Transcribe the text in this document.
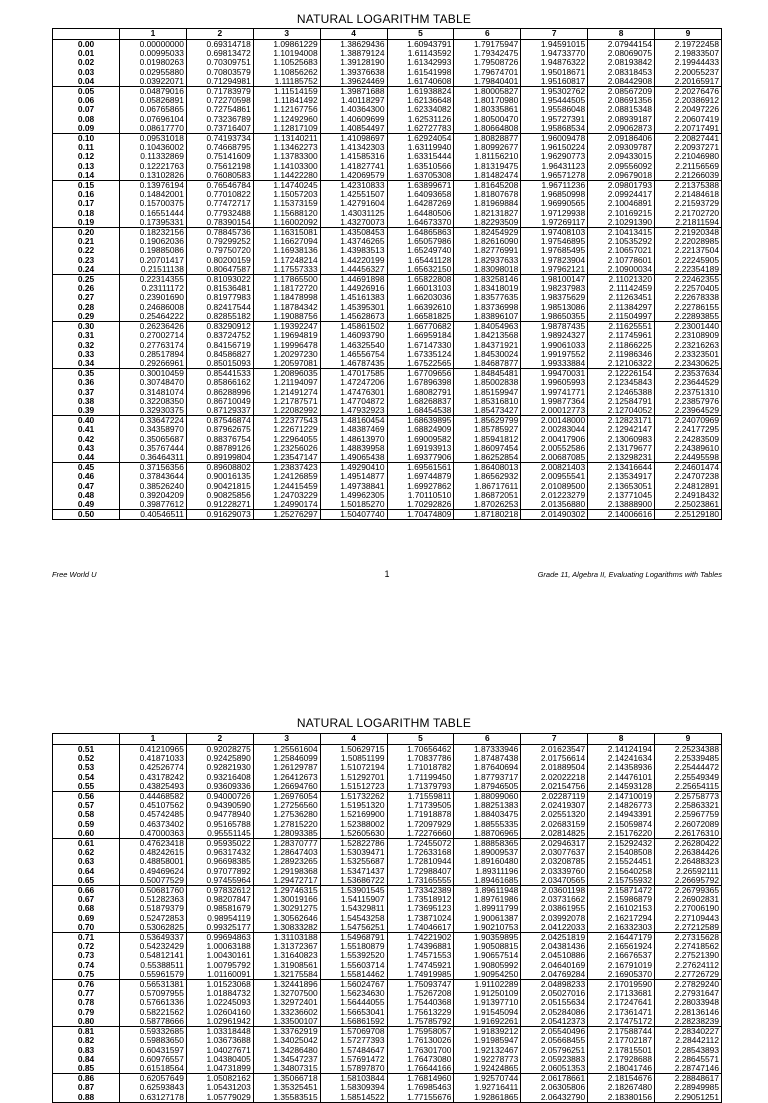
NATURAL LOGARITHM TABLE
	1	2	3	4	5	6	7	8	9
0.00	0.00000000	0.69314718	1.09861229	1.38629436	1.60943791	1.79175947	1.94591015	2.07944154	2.19722458
0.01	0.00995033	0.69813472	1.10194008	1.38879124	1.61143592	1.79342475	1.94733770	2.08069075	2.19833507
0.02	0.01980263	0.70309751	1.10525683	1.39128190	1.61342993	1.79508726	1.94876322	2.08193842	2.19944433
0.03	0.02955880	0.70803579	1.10856262	1.39376638	1.61541998	1.79674701	1.95018671	2.08318453	2.20055237
0.04	0.03922071	0.71294981	1.11185752	1.39624469	1.61740608	1.79840401	1.95160817	2.08442908	2.20165917
0.05	0.04879016	0.71783979	1.11514159	1.39871688	1.61938824	1.80005827	1.95302762	2.08567209	2.20276476
0.06	0.05826891	0.72270598	1.11841492	1.40118297	1.62136648	1.80170980	1.95444505	2.08691356	2.20386912
0.07	0.06765865	0.72754861	1.12167756	1.40364300	1.62334082	1.80335861	1.95586048	2.08815348	2.20497226
0.08	0.07696104	0.73236789	1.12492960	1.40609699	1.62531126	1.80500470	1.95727391	2.08939187	2.20607419
0.09	0.08617770	0.73716407	1.12817109	1.40854497	1.62727783	1.80664808	1.95868534	2.09062873	2.20717491
0.10	0.09531018	0.74193734	1.13140211	1.41098697	1.62924054	1.80828877	1.96009478	2.09186406	2.20827441
0.11	0.10436002	0.74668795	1.13462273	1.41342303	1.63119940	1.80992677	1.96150224	2.09309787	2.20937271
0.12	0.11332869	0.75141609	1.13783300	1.41585316	1.63315444	1.81156210	1.96290773	2.09433015	2.21046980
0.13	0.12221763	0.75612198	1.14103300	1.41827741	1.63510566	1.81319475	1.96431123	2.09556092	2.21156569
0.14	0.13102826	0.76080583	1.14422280	1.42069579	1.63705308	1.81482474	1.96571278	2.09679018	2.21266039
0.15	0.13976194	0.76546784	1.14740245	1.42310833	1.63899671	1.81645208	1.96711236	2.09801793	2.21375388
0.16	0.14842001	0.77010822	1.15057203	1.42551507	1.64093658	1.81807678	1.96850998	2.09924417	2.21484618
0.17	0.15700375	0.77472717	1.15373159	1.42791604	1.64287269	1.81969884	1.96990565	2.10046891	2.21593729
0.18	0.16551444	0.77932488	1.15688120	1.43031125	1.64480506	1.82131827	1.97129938	2.10169215	2.21702720
0.19	0.17395331	0.78390154	1.16002092	1.43270073	1.64673370	1.82293509	1.97269117	2.10291390	2.21811594
0.20	0.18232156	0.78845736	1.16315081	1.43508453	1.64865863	1.82454929	1.97408103	2.10413415	2.21920348
0.21	0.19062036	0.79299252	1.16627094	1.43746265	1.65057986	1.82616090	1.97546895	2.10535292	2.22028985
0.22	0.19885086	0.79750720	1.16938136	1.43983513	1.65249740	1.82776991	1.97685495	2.10657021	2.22137504
0.23	0.20701417	0.80200159	1.17248214	1.44220199	1.65441128	1.82937633	1.97823904	2.10778601	2.22245905
0.24	0.21511138	0.80647587	1.17557333	1.44456327	1.65632150	1.83098018	1.97962121	2.10900034	2.22354189
0.25	0.22314355	0.81093022	1.17865500	1.44691898	1.65822808	1.83258146	1.98100147	2.11021320	2.22462355
0.26	0.23111172	0.81536481	1.18172720	1.44926916	1.66013103	1.83418019	1.98237983	2.11142459	2.22570405
0.27	0.23901690	0.81977983	1.18478998	1.45161383	1.66203036	1.83577635	1.98375629	2.11263451	2.22678338
0.28	0.24686008	0.82417544	1.18784342	1.45395301	1.66392610	1.83736998	1.98513086	2.11384297	2.22786155
0.29	0.25464222	0.82855182	1.19088756	1.45628673	1.66581825	1.83896107	1.98650355	2.11504997	2.22893855
0.30	0.26236426	0.83290912	1.19392247	1.45861502	1.66770682	1.84054963	1.98787435	2.11625551	2.23001440
0.31	0.27002714	0.83724752	1.19694819	1.46093790	1.66959184	1.84213568	1.98924327	2.11745961	2.23108909
0.32	0.27763174	0.84156719	1.19996478	1.46325540	1.67147330	1.84371921	1.99061033	2.11866225	2.23216263
0.33	0.28517894	0.84586827	1.20297230	1.46556754	1.67335124	1.84530024	1.99197552	2.11986346	2.23323501
0.34	0.29266961	0.85015093	1.20597081	1.46787435	1.67522565	1.84687877	1.99333884	2.12106322	2.23430625
0.35	0.30010459	0.85441533	1.20896035	1.47017585	1.67709656	1.84845481	1.99470031	2.12226154	2.23537634
0.36	0.30748470	0.85866162	1.21194097	1.47247206	1.67896398	1.85002838	1.99605993	2.12345843	2.23644529
0.37	0.31481074	0.86288996	1.21491274	1.47476301	1.68082791	1.85159947	1.99741771	2.12465388	2.23751310
0.38	0.32208350	0.86710049	1.21787571	1.47704872	1.68268837	1.85316810	1.99877364	2.12584791	2.23857976
0.39	0.32930375	0.87129337	1.22082992	1.47932923	1.68454538	1.85473427	2.00012773	2.12704052	2.23964529
0.40	0.33647224	0.87546874	1.22377543	1.48160454	1.68639895	1.85629799	2.00148000	2.12823171	2.24070969
0.41	0.34358970	0.87962675	1.22671229	1.48387469	1.68824909	1.85785927	2.00283044	2.12942147	2.24177295
0.42	0.35065687	0.88376754	1.22964055	1.48613970	1.69009582	1.85941812	2.00417906	2.13060983	2.24283509
0.43	0.35767444	0.88789126	1.23256026	1.48839958	1.69193913	1.86097454	2.00552586	2.13179677	2.24389610
0.44	0.36464311	0.89199804	1.23547147	1.49065438	1.69377906	1.86252854	2.00687085	2.13298231	2.24495598
0.45	0.37156356	0.89608802	1.23837423	1.49290410	1.69561561	1.86408013	2.00821403	2.13416644	2.24601474
0.46	0.37843644	0.90016135	1.24126859	1.49514877	1.69744879	1.86562932	2.00955541	2.13534917	2.24707238
0.47	0.38526240	0.90421815	1.24415459	1.49738841	1.69927862	1.86717611	2.01089500	2.13653051	2.24812891
0.48	0.39204209	0.90825856	1.24703229	1.49962305	1.70110510	1.86872051	2.01223279	2.13771045	2.24918432
0.49	0.39877612	0.91228271	1.24990174	1.50185270	1.70292826	1.87026253	2.01356880	2.13888900	2.25023861
0.50	0.40546511	0.91629073	1.25276297	1.50407740	1.70474809	1.87180218	2.01490302	2.14006616	2.25129180
Free World U	1	Grade 11, Algebra II, Evaluating Logarithms with Tables
NATURAL LOGARITHM TABLE
	1	2	3	4	5	6	7	8	9
0.51	0.41210965	0.92028275	1.25561604	1.50629715	1.70656462	1.87333946	2.01623547	2.14124194	2.25234388
0.52	0.41871033	0.92425890	1.25846099	1.50851199	1.70837786	1.87487438	2.01756614	2.14241634	2.25339485
0.53	0.42526774	0.92821930	1.26129787	1.51072194	1.71018782	1.87640694	2.01889504	2.14358936	2.25444472
0.54	0.43178242	0.93216408	1.26412673	1.51292701	1.71199450	1.87793717	2.02022218	2.14476101	2.25549349
0.55	0.43825493	0.93609336	1.26694760	1.51512723	1.71379793	1.87946505	2.02154756	2.14593128	2.25654115
0.56	0.44468582	0.94000726	1.26976054	1.51732262	1.71559811	1.88099060	2.02287119	2.14710019	2.25758773
0.57	0.45107562	0.94390590	1.27256560	1.51951320	1.71739505	1.88251383	2.02419307	2.14826773	2.25863321
0.58	0.45742485	0.94778940	1.27536280	1.52169900	1.71918878	1.88403475	2.02551320	2.14943391	2.25967759
0.59	0.46373402	0.95165788	1.27815220	1.52388002	1.72097929	1.88555335	2.02683159	2.15059874	2.26072089
0.60	0.47000363	0.95551145	1.28093385	1.52605630	1.72276660	1.88706965	2.02814825	2.15176220	2.26176310
0.61	0.47623418	0.95935022	1.28370777	1.52822786	1.72455072	1.88858365	2.02946317	2.15292432	2.26280422
0.62	0.48242615	0.96317432	1.28647403	1.53039471	1.72633168	1.89009537	2.03077637	2.15408508	2.26384426
0.63	0.48858001	0.96698385	1.28923265	1.53255687	1.72810944	1.89160480	2.03208785	2.15524451	2.26488323
0.64	0.49469624	0.97077892	1.29198368	1.53471437	1.72988407	1.89311196	2.03339760	2.15640258	2.26592111
0.65	0.50077529	0.97455964	1.29472717	1.53686722	1.73165555	1.89461685	2.03470565	2.15755932	2.26695792
0.66	0.50681760	0.97832612	1.29746315	1.53901545	1.73342389	1.89611948	2.03601198	2.15871472	2.26799365
0.67	0.51282363	0.98207847	1.30019166	1.54115907	1.73518912	1.89761986	2.03731662	2.15986879	2.26902831
0.68	0.51879379	0.98581679	1.30291275	1.54329811	1.73695123	1.89911799	2.03861955	2.16102153	2.27006190
0.69	0.52472853	0.98954119	1.30562646	1.54543258	1.73871024	1.90061387	2.03992078	2.16217294	2.27109443
0.70	0.53062825	0.99325177	1.30833282	1.54756251	1.74046617	1.90210753	2.04122033	2.16332303	2.27212589
0.71	0.53649337	0.99694863	1.31103188	1.54968791	1.74221902	1.90359895	2.04251819	2.16447179	2.27315628
0.72	0.54232429	1.00063188	1.31372367	1.55180879	1.74396881	1.90508815	2.04381436	2.16561924	2.27418562
0.73	0.54812141	1.00430161	1.31640823	1.55392520	1.74571553	1.90657514	2.04510886	2.16676537	2.27521390
0.74	0.55388511	1.00795792	1.31908561	1.55603714	1.74745921	1.90805992	2.04640169	2.16791019	2.27624112
0.75	0.55961579	1.01160091	1.32175584	1.55814462	1.74919985	1.90954250	2.04769284	2.16905370	2.27726729
0.76	0.56531381	1.01523068	1.32441896	1.56024767	1.75093747	1.91102289	2.04898233	2.17019590	2.27829240
0.77	0.57097955	1.01884732	1.32707500	1.56234630	1.75267208	1.91250109	2.05027016	2.17133681	2.27931647
0.78	0.57661336	1.02245093	1.32972401	1.56444055	1.75440368	1.91397710	2.05155634	2.17247641	2.28033948
0.79	0.58221562	1.02604160	1.33236602	1.56653041	1.75613229	1.91545094	2.05284086	2.17361471	2.28136146
0.80	0.58778666	1.02961942	1.33500107	1.56861592	1.75785792	1.91692261	2.05412373	2.17475172	2.28238239
0.81	0.59332685	1.03318448	1.33762919	1.57069708	1.75958057	1.91839212	2.05540496	2.17588744	2.28340227
0.82	0.59883650	1.03673688	1.34025042	1.57277393	1.76130026	1.91985947	2.05668455	2.17702187	2.28442112
0.83	0.60431597	1.04027671	1.34286480	1.57484647	1.76301700	1.92132467	2.05796251	2.17815501	2.28543893
0.84	0.60976557	1.04380405	1.34547237	1.57691472	1.76473080	1.92278773	2.05923883	2.17928688	2.28645571
0.85	0.61518564	1.04731899	1.34807315	1.57897870	1.76644166	1.92424865	2.06051353	2.18041746	2.28747146
0.86	0.62057649	1.05082162	1.35066718	1.58103844	1.76814960	1.92570744	2.06178661	2.18154676	2.28848617
0.87	0.62593843	1.05431203	1.35325451	1.58309394	1.76985463	1.92716411	2.06305806	2.18267480	2.28949985
0.88	0.63127178	1.05779029	1.35583515	1.58514522	1.77155676	1.92861865	2.06432790	2.18380156	2.29051251
